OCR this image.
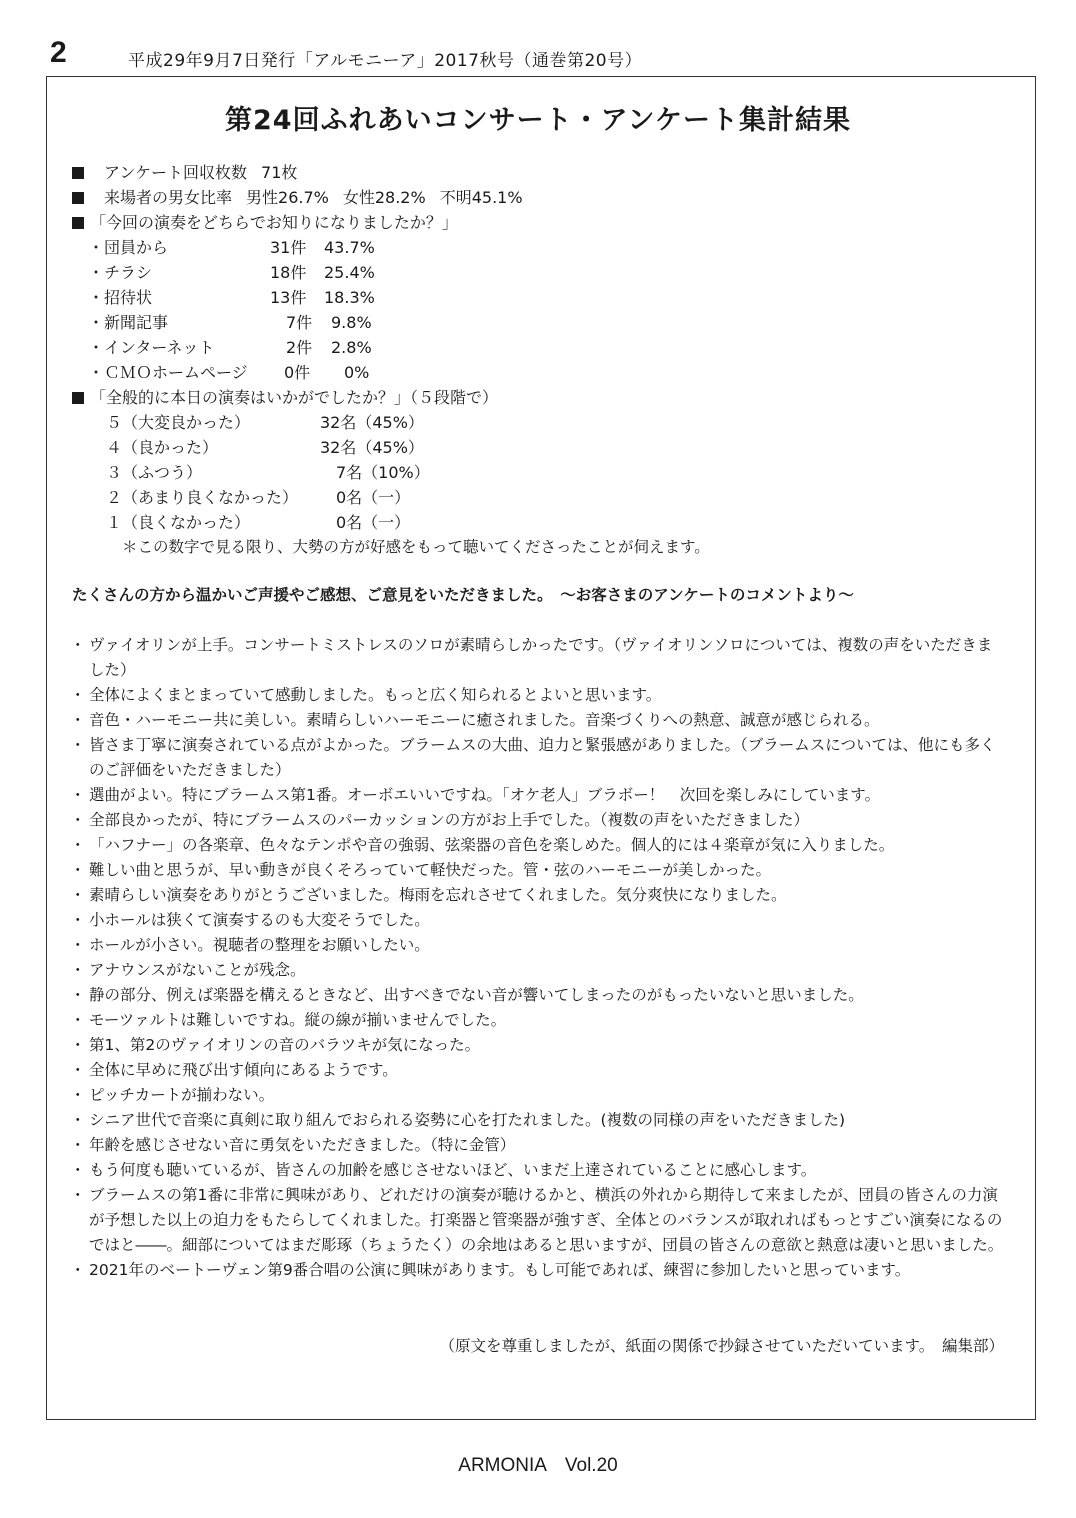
2	平成29年9月7日発行「アルモニーア」2017秋号（通巻第20号）
第24回ふれあいコンサート・アンケート集計結果
アンケート回収枚数 71枚
来場者の男女比率 男性26.7% 女性28.2% 不明45.1%
「今回の演奏をどちらでお知りになりましたか？」
・団員から	31件 43.7%
・チラシ	18件 25.4%
・招待状	13件 18.3%
・新聞記事	7件 9.8%
・インターネット	2件 2.8%
・ＣＭＯホームページ 0件 0%
「全般的に本日の演奏はいかがでしたか？」（５段階で）
５（大変良かった）	32名（45%）
４（良かった）	32名（45%）
３（ふつう）	7名（10%）
２（あまり良くなかった） 0名（一）
１（良くなかった）	0名（一）
＊この数字で見る限り、大勢の方が好感をもって聴いてくださったことが伺えます。
たくさんの方から温かいご声援やご感想、ご意見をいただきました。　～お客さまのアンケートのコメントより～
・ ヴァイオリンが上手。コンサートミストレスのソロが素晴らしかったです。（ヴァイオリンソロについては、複数の声をいただきました）
・ 全体によくまとまっていて感動しました。もっと広く知られるとよいと思います。
・ 音色・ハーモニー共に美しい。素晴らしいハーモニーに癒されました。音楽づくりへの熱意、誠意が感じられる。
・ 皆さま丁寧に演奏されている点がよかった。ブラームスの大曲、迫力と緊張感がありました。（ブラームスについては、他にも多くのご評価をいただきました）
・ 選曲がよい。特にブラームス第1番。オーボエいいですね。「オケ老人」ブラボー！　次回を楽しみにしています。
・ 全部良かったが、特にブラームスのパーカッションの方がお上手でした。（複数の声をいただきました）
・ 「ハフナー」の各楽章、色々なテンポや音の強弱、弦楽器の音色を楽しめた。個人的には４楽章が気に入りました。
・ 難しい曲と思うが、早い動きが良くそろっていて軽快だった。管・弦のハーモニーが美しかった。
・ 素晴らしい演奏をありがとうございました。梅雨を忘れさせてくれました。気分爽快になりました。
・ 小ホールは狭くて演奏するのも大変そうでした。
・ ホールが小さい。視聴者の整理をお願いしたい。
・ アナウンスがないことが残念。
・ 静の部分、例えば楽器を構えるときなど、出すべきでない音が響いてしまったのがもったいないと思いました。
・ モーツァルトは難しいですね。縦の線が揃いませんでした。
・ 第1、第2のヴァイオリンの音のバラツキが気になった。
・ 全体に早めに飛び出す傾向にあるようです。
・ ピッチカートが揃わない。
・ シニア世代で音楽に真剣に取り組んでおられる姿勢に心を打たれました。(複数の同様の声をいただきました)
・ 年齢を感じさせない音に勇気をいただきました。（特に金管）
・ もう何度も聴いているが、皆さんの加齢を感じさせないほど、いまだ上達されていることに感心します。
・ ブラームスの第1番に非常に興味があり、どれだけの演奏が聴けるかと、横浜の外れから期待して来ましたが、団員の皆さんの力演が予想した以上の迫力をもたらしてくれました。打楽器と管楽器が強すぎ、全体とのバランスが取れればもっとすごい演奏になるのではと――。細部についてはまだ彫琢（ちょうたく）の余地はあると思いますが、団員の皆さんの意欲と熱意は凄いと思いました。
・ 2021年のベートーヴェン第9番合唱の公演に興味があります。もし可能であれば、練習に参加したいと思っています。
（原文を尊重しましたが、紙面の関係で抄録させていただいています。　編集部）
ARMONIA　Vol.20
